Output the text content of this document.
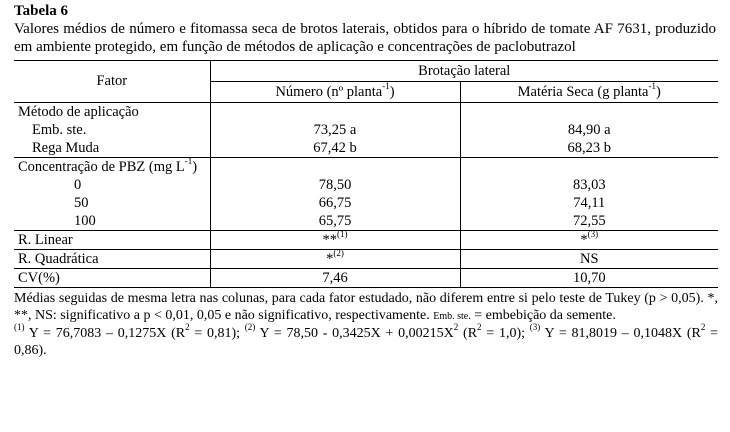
Tabela 6

Valores médios de número e fitomassa seca de brotos laterais, obtidos para o híbrido de tomate AF 7631, produzido em ambiente protegido, em função de métodos de aplicação e concentrações de paclobutrazol

Fator	Brotação lateral	
	Número (nº planta$^{-1}$)	Matéria Seca (g planta$^{-1}$)
Método de aplicação		
Emb. ste.	73,25 a	84,90 a
Rega Muda	67,42 b	68,23 b
Concentração de PBZ (mg $L^{-1}$)		
0	78,50	83,03
50	66,75	74,11
100	65,75	72,55
R. Linear	**$^{(1)}$	*$^{(3)}$
R. Quadrática	*$^{(2)}$	NS
CV(%)	7,46	10,70

Médias seguidas de mesma letra nas colunas, para cada fator estudado, não diferem entre si pelo teste de Tukey (p > 0,05). *, **, NS: significativo a p < 0,01, 0,05 e não significativo, respectivamente. Emb. ste. = embebição da semente.

$^{(1)}$ Y = 76,7083 – 0,1275X $(R^2 = 0,81)$; $^{(2)}$ $Y = 78,50 - 0,3425X + 0,00215X^2$ $(R^2 = 1,0)$; $^{(3)}$ Y = 81,8019 – 0,1048X $(R^2 = 0,86)$.
